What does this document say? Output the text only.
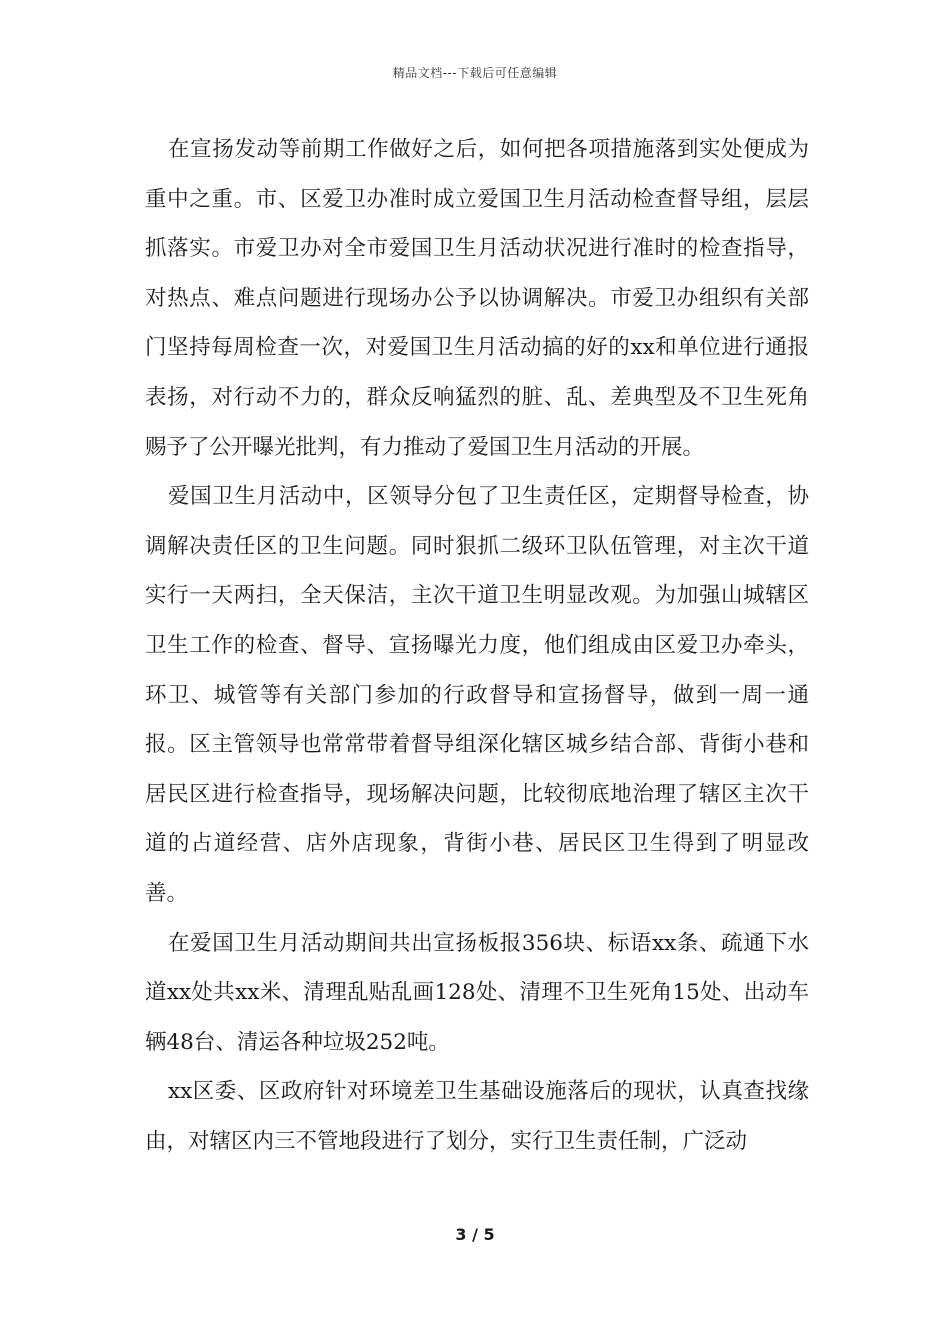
精品文档---下载后可任意编辑

在宣扬发动等前期工作做好之后，如何把各项措施落到实处便成为重中之重。市、区爱卫办准时成立爱国卫生月活动检查督导组，层层抓落实。市爱卫办对全市爱国卫生月活动状况进行准时的检查指导，对热点、难点问题进行现场办公予以协调解决。市爱卫办组织有关部门坚持每周检查一次，对爱国卫生月活动搞的好的xx和单位进行通报表扬，对行动不力的，群众反响猛烈的脏、乱、差典型及不卫生死角赐予了公开曝光批判，有力推动了爱国卫生月活动的开展。

爱国卫生月活动中，区领导分包了卫生责任区，定期督导检查，协调解决责任区的卫生问题。同时狠抓二级环卫队伍管理，对主次干道实行一天两扫，全天保洁，主次干道卫生明显改观。为加强山城辖区卫生工作的检查、督导、宣扬曝光力度，他们组成由区爱卫办牵头，环卫、城管等有关部门参加的行政督导和宣扬督导，做到一周一通报。区主管领导也常常带着督导组深化辖区城乡结合部、背街小巷和居民区进行检查指导，现场解决问题，比较彻底地治理了辖区主次干道的占道经营、店外店现象，背街小巷、居民区卫生得到了明显改善。

在爱国卫生月活动期间共出宣扬板报356块、标语xx条、疏通下水道xx处共xx米、清理乱贴乱画128处、清理不卫生死角15处、出动车辆48台、清运各种垃圾252吨。

xx区委、区政府针对环境差卫生基础设施落后的现状，认真查找缘由，对辖区内三不管地段进行了划分，实行卫生责任制，广泛动

3 / 5
